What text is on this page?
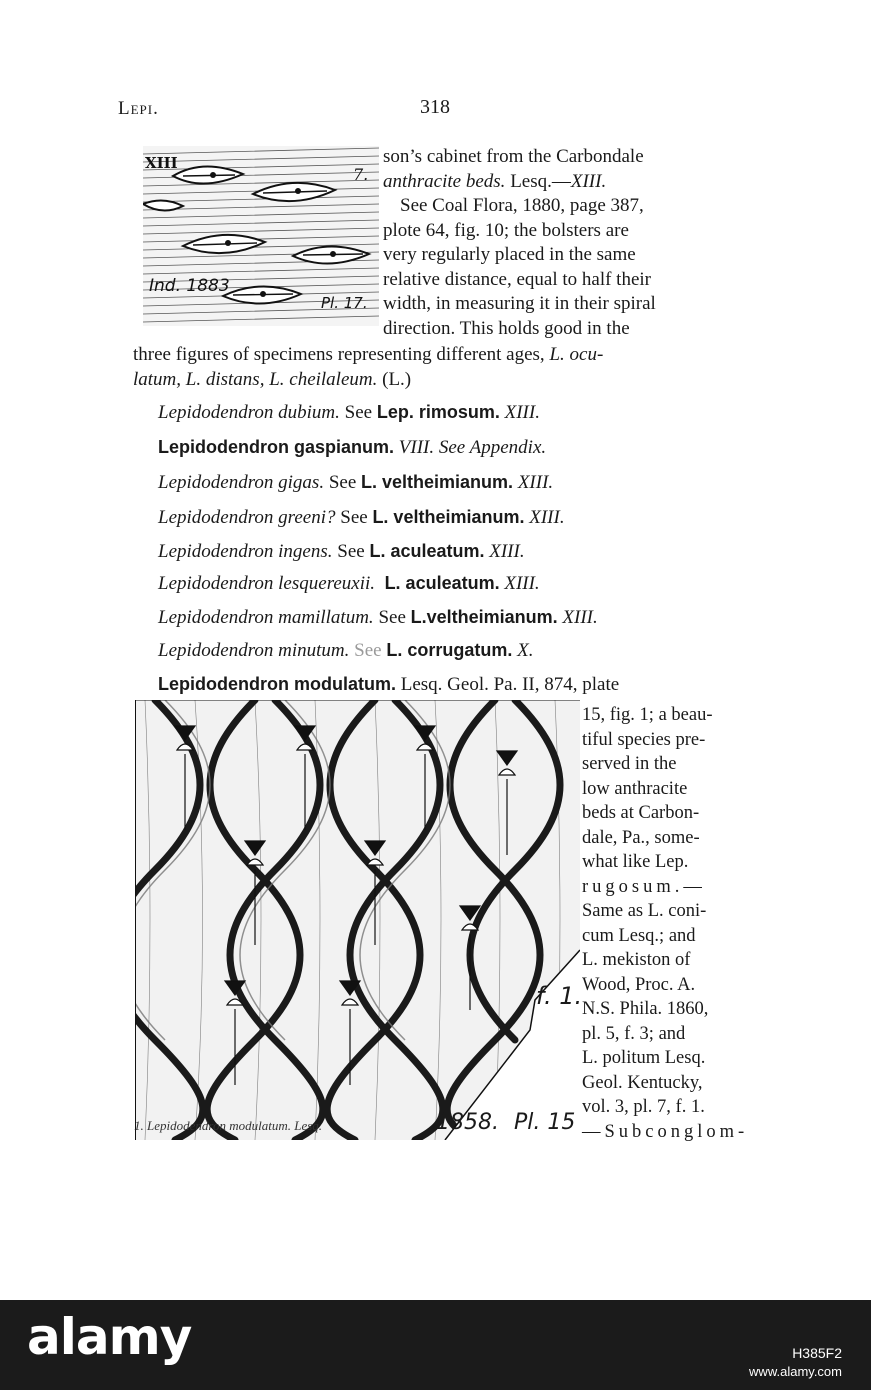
Lepi.	318
XIII
7.
Ind. 1883
Pl. 17.
son’s cabinet from the Carbondale
anthracite beds. Lesq.—XIII.
See Coal Flora, 1880, page 387,
plote 64, fig. 10; the bolsters are
very regularly placed in the same
relative distance, equal to half their
width, in measuring it in their spiral
direction. This holds good in the
three figures of specimens representing different ages, L. ocu-
latum, L. distans, L. cheilaleum. (L.)
Lepidodendron dubium. See Lep. rimosum. XIII.
Lepidodendron gaspianum. VIII. See Appendix.
Lepidodendron gigas. See L. veltheimianum. XIII.
Lepidodendron greeni? See L. veltheimianum. XIII.
Lepidodendron ingens. See L. aculeatum. XIII.
Lepidodendron lesquereuxii. L. aculeatum. XIII.
Lepidodendron mamillatum. See L.veltheimianum. XIII.
Lepidodendron minutum. See L. corrugatum. X.
Lepidodendron modulatum. Lesq. Geol. Pa. II, 874, plate
f. 1.
15, fig. 1; a beau-
tiful species pre-
served in the
low anthracite
beds at Carbon-
dale, Pa., some-
what like Lep.
rugosum.—
Same as L. coni-
cum Lesq.; and
L. mekiston of
Wood, Proc. A.
N.S. Phila. 1860,
pl. 5, f. 3; and
L. politum Lesq.
Geol. Kentucky,
vol. 3, pl. 7, f. 1.
—Subconglom-
1. Lepidodendron modulatum. Lesq.	1858. Pl. 15
alamy	H385F2
www.alamy.com
